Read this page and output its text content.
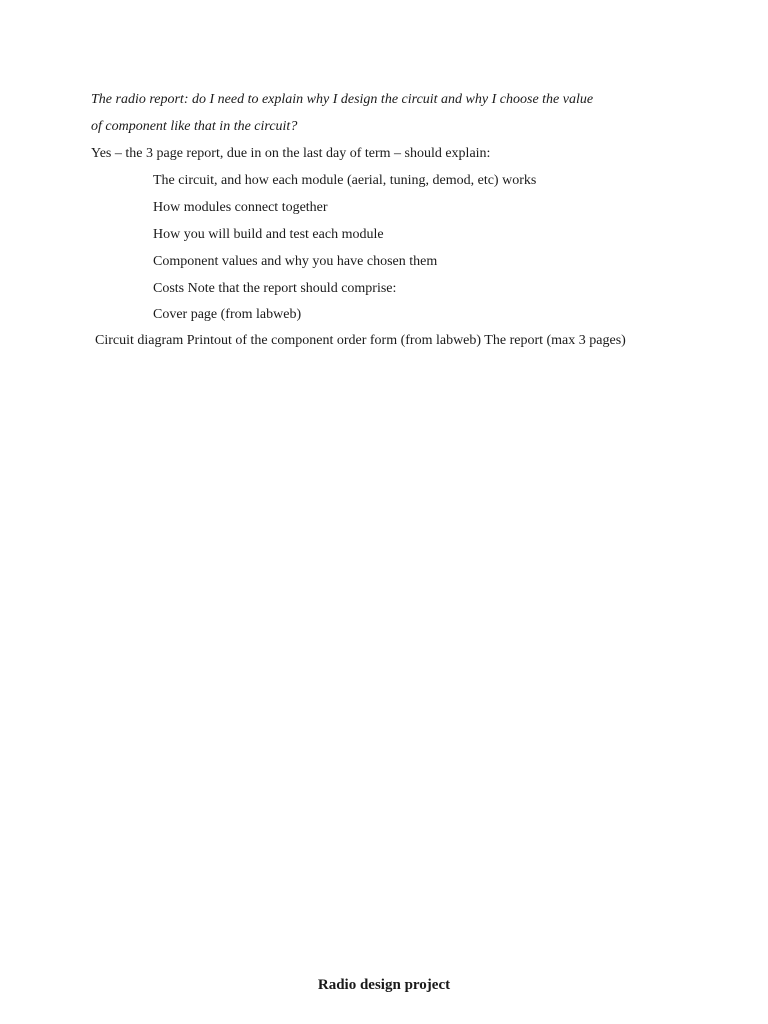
The radio report: do I need to explain why I design the circuit and why I choose the value
of component like that in the circuit?
Yes – the 3 page report, due in on the last day of term – should explain:
The circuit, and how each module (aerial, tuning, demod, etc) works
How modules connect together
How you will build and test each module
Component values and why you have chosen them
Costs Note that the report should comprise:
Cover page (from labweb)
Circuit diagram Printout of the component order form (from labweb) The report (max 3 pages)
Radio design project
